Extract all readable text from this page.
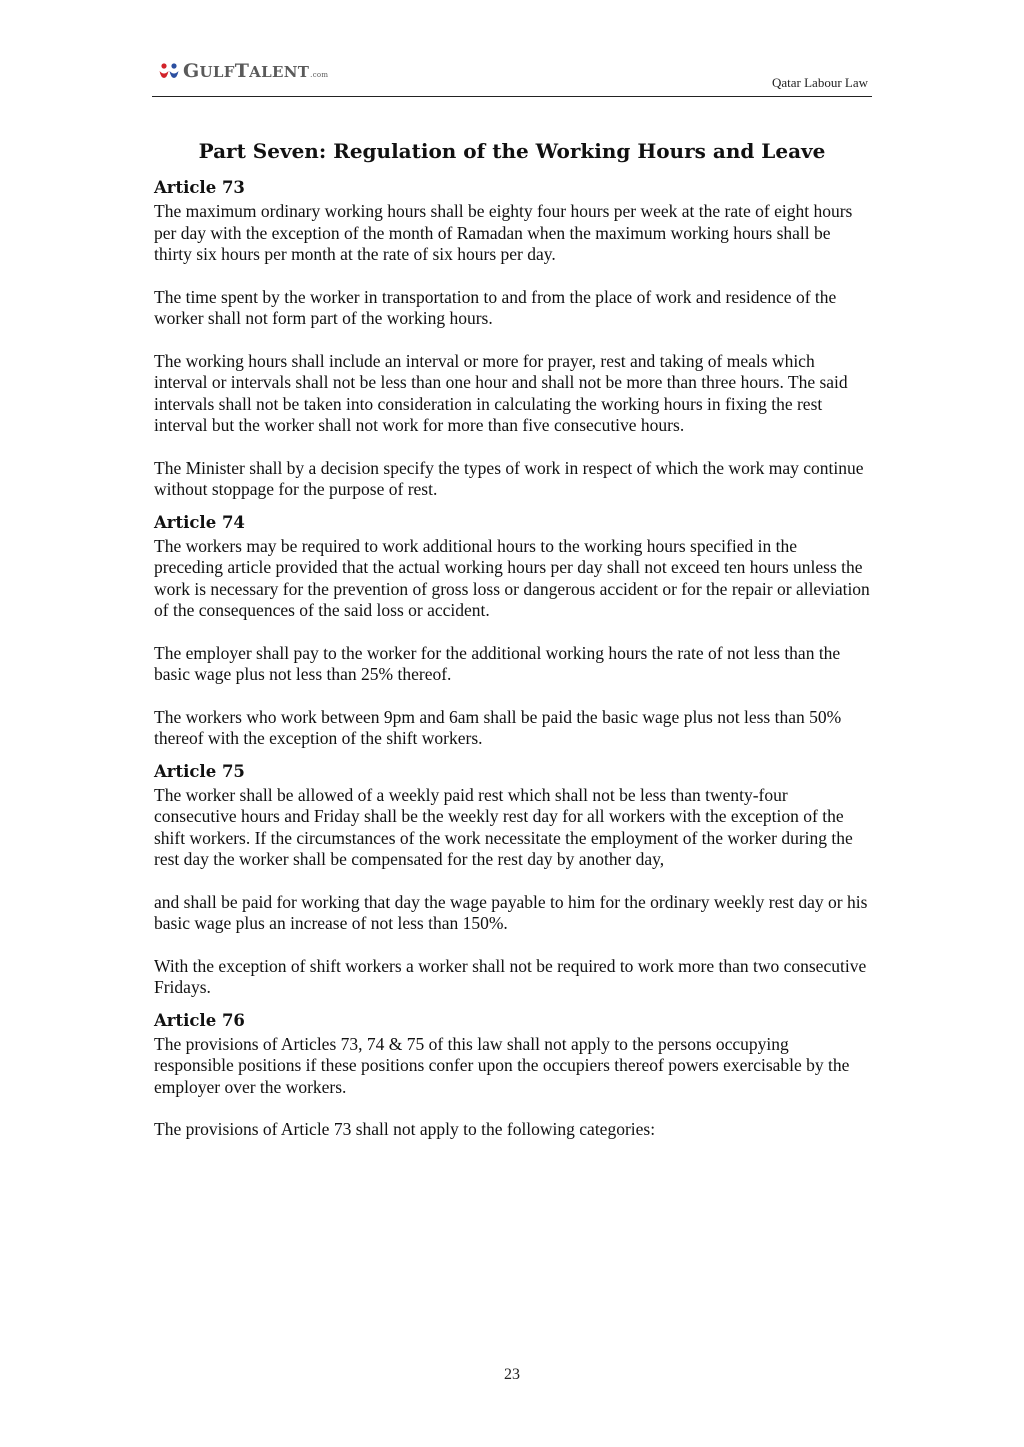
GULFTALENT.com	Qatar Labour Law
Part Seven: Regulation of the Working Hours and Leave
Article 73

The maximum ordinary working hours shall be eighty four hours per week at the rate of eight hours per day with the exception of the month of Ramadan when the maximum working hours shall be thirty six hours per month at the rate of six hours per day.

The time spent by the worker in transportation to and from the place of work and residence of the worker shall not form part of the working hours.

The working hours shall include an interval or more for prayer, rest and taking of meals which interval or intervals shall not be less than one hour and shall not be more than three hours. The said intervals shall not be taken into consideration in calculating the working hours in fixing the rest interval but the worker shall not work for more than five consecutive hours.

The Minister shall by a decision specify the types of work in respect of which the work may continue without stoppage for the purpose of rest.

Article 74

The workers may be required to work additional hours to the working hours specified in the preceding article provided that the actual working hours per day shall not exceed ten hours unless the work is necessary for the prevention of gross loss or dangerous accident or for the repair or alleviation of the consequences of the said loss or accident.

The employer shall pay to the worker for the additional working hours the rate of not less than the basic wage plus not less than 25% thereof.

The workers who work between 9pm and 6am shall be paid the basic wage plus not less than 50% thereof with the exception of the shift workers.

Article 75

The worker shall be allowed of a weekly paid rest which shall not be less than twenty-four consecutive hours and Friday shall be the weekly rest day for all workers with the exception of the shift workers. If the circumstances of the work necessitate the employment of the worker during the rest day the worker shall be compensated for the rest day by another day,

and shall be paid for working that day the wage payable to him for the ordinary weekly rest day or his basic wage plus an increase of not less than 150%.

With the exception of shift workers a worker shall not be required to work more than two consecutive Fridays.

Article 76

The provisions of Articles 73, 74 & 75 of this law shall not apply to the persons occupying responsible positions if these positions confer upon the occupiers thereof powers exercisable by the employer over the workers.

The provisions of Article 73 shall not apply to the following categories:

23
